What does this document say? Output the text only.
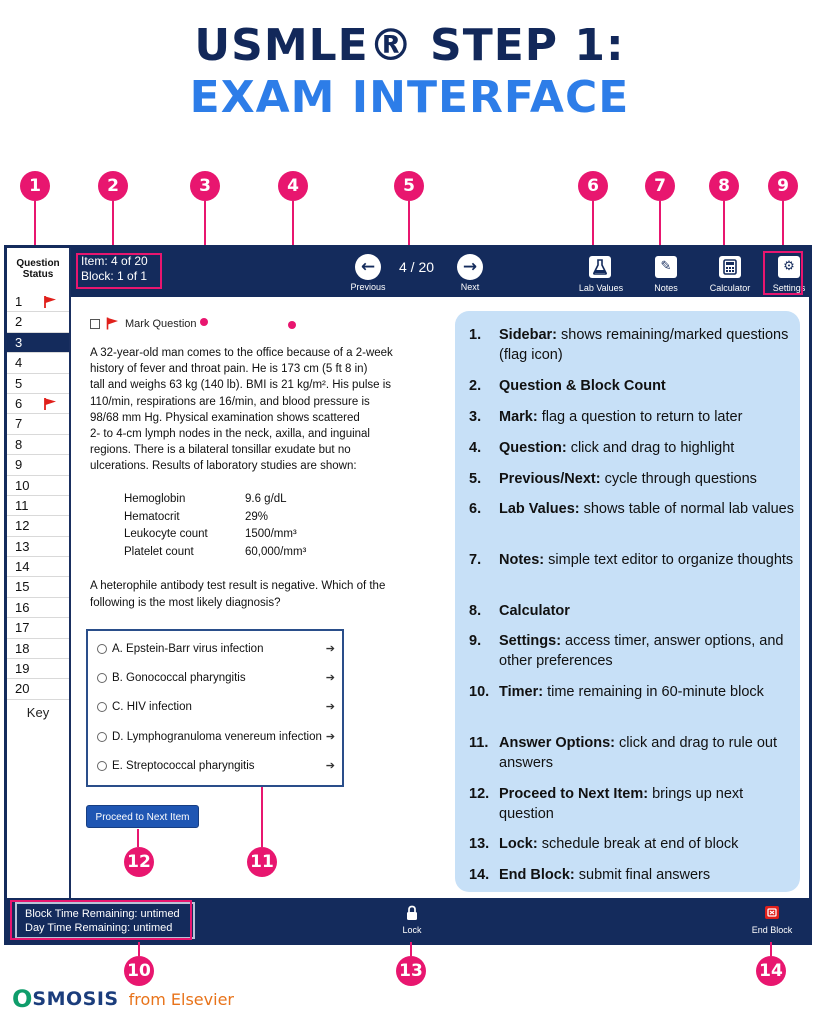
USMLE® STEP 1:
EXAM INTERFACE
1	2	3	4	5	6	7	8	9
Question
Status
1
2
3
4
5
6
7
8
9
10
11
12
13
14
15
16
17
18
19
20
Key
Item: 4 of 20
Block: 1 of 1	←
Previous
4 / 20	→
Next	Lab Values
✎
Notes	Calculator
⚙
Settings
Mark Question
A 32-year-old man comes to the office because of a 2-week
history of fever and throat pain. He is 173 cm (5 ft 8 in)
tall and weighs 63 kg (140 lb). BMI is 21 kg/m². His pulse is
110/min, respirations are 16/min, and blood pressure is
98/68 mm Hg. Physical examination shows scattered
2- to 4-cm lymph nodes in the neck, axilla, and inguinal
regions. There is a bilateral tonsillar exudate but no
ulcerations. Results of laboratory studies are shown:
Hemoglobin	9.6 g/dL
Hematocrit	29%
Leukocyte count	1500/mm³
Platelet count	60,000/mm³
A heterophile antibody test result is negative. Which of the
following is the most likely diagnosis?
A. Epstein-Barr virus infection	➔
B. Gonococcal pharyngitis	➔
C. HIV infection	➔
D. Lymphogranuloma venereum infection ➔
E. Streptococcal pharyngitis	➔
Proceed to Next Item
1.	Sidebar: shows remaining/marked questions (flag icon)
2.	Question & Block Count
3.	Mark: flag a question to return to later
4.	Question: click and drag to highlight
5.	Previous/Next: cycle through questions
6.	Lab Values: shows table of normal lab values
7.	Notes: simple text editor to organize thoughts
8.	Calculator
9.	Settings: access timer, answer options, and other preferences
10. Timer: time remaining in 60-minute block
11. Answer Options: click and drag to rule out answers
12. Proceed to Next Item: brings up next question
13. Lock: schedule break at end of block
14. End Block: submit final answers
Block Time Remaining: untimed
Day Time Remaining: untimed	Lock	End Block
12	11
10	13	14
O SMOSIS from Elsevier
